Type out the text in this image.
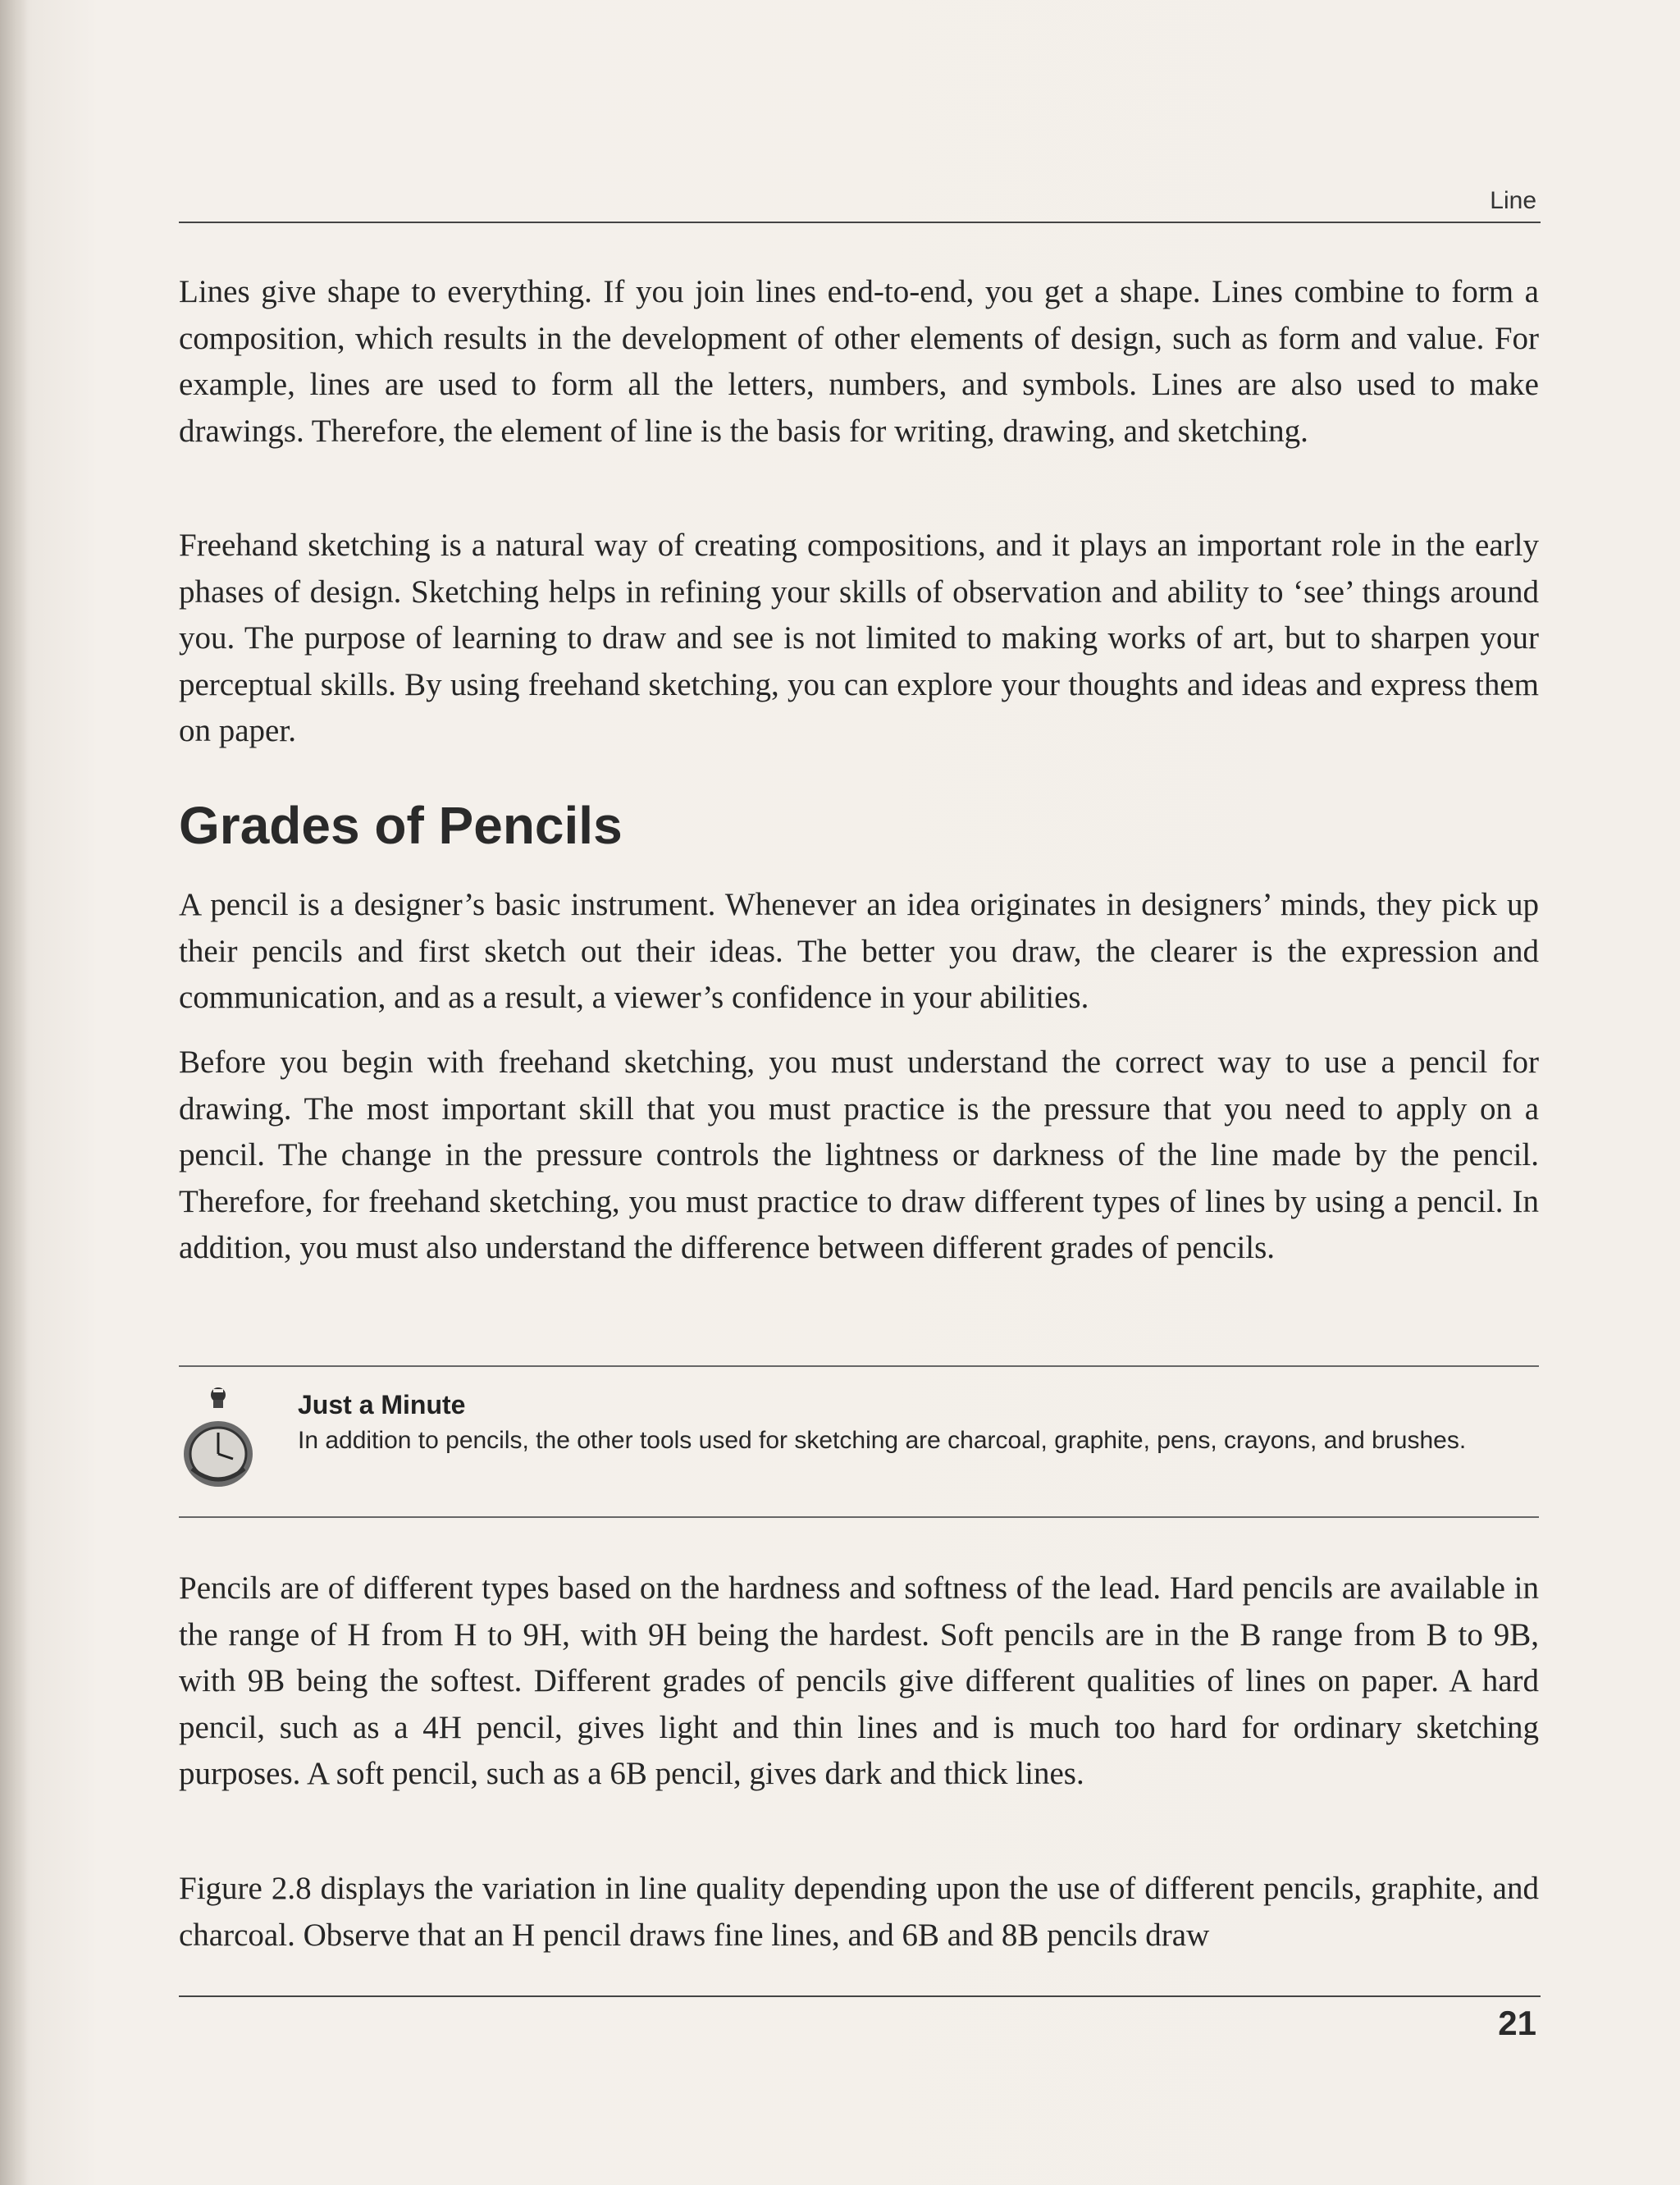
Line

Lines give shape to everything. If you join lines end-to-end, you get a shape. Lines combine to form a composition, which results in the development of other elements of design, such as form and value. For example, lines are used to form all the letters, numbers, and symbols. Lines are also used to make drawings. Therefore, the element of line is the basis for writing, drawing, and sketching.

Freehand sketching is a natural way of creating compositions, and it plays an important role in the early phases of design. Sketching helps in refining your skills of observation and ability to ‘see’ things around you. The purpose of learning to draw and see is not limited to making works of art, but to sharpen your perceptual skills. By using freehand sketching, you can explore your thoughts and ideas and express them on paper.

Grades of Pencils

A pencil is a designer’s basic instrument. Whenever an idea originates in designers’ minds, they pick up their pencils and first sketch out their ideas. The better you draw, the clearer is the expression and communication, and as a result, a viewer’s confidence in your abilities.

Before you begin with freehand sketching, you must understand the correct way to use a pencil for drawing. The most important skill that you must practice is the pressure that you need to apply on a pencil. The change in the pressure controls the lightness or darkness of the line made by the pencil. Therefore, for freehand sketching, you must practice to draw different types of lines by using a pencil. In addition, you must also understand the difference between different grades of pencils.

Just a Minute
In addition to pencils, the other tools used for sketching are charcoal, graphite, pens, crayons, and brushes.

Pencils are of different types based on the hardness and softness of the lead. Hard pencils are available in the range of H from H to 9H, with 9H being the hardest. Soft pencils are in the B range from B to 9B, with 9B being the softest. Different grades of pencils give different qualities of lines on paper. A hard pencil, such as a 4H pencil, gives light and thin lines and is much too hard for ordinary sketching purposes. A soft pencil, such as a 6B pencil, gives dark and thick lines.

Figure 2.8 displays the variation in line quality depending upon the use of different pencils, graphite, and charcoal. Observe that an H pencil draws fine lines, and 6B and 8B pencils draw

21
